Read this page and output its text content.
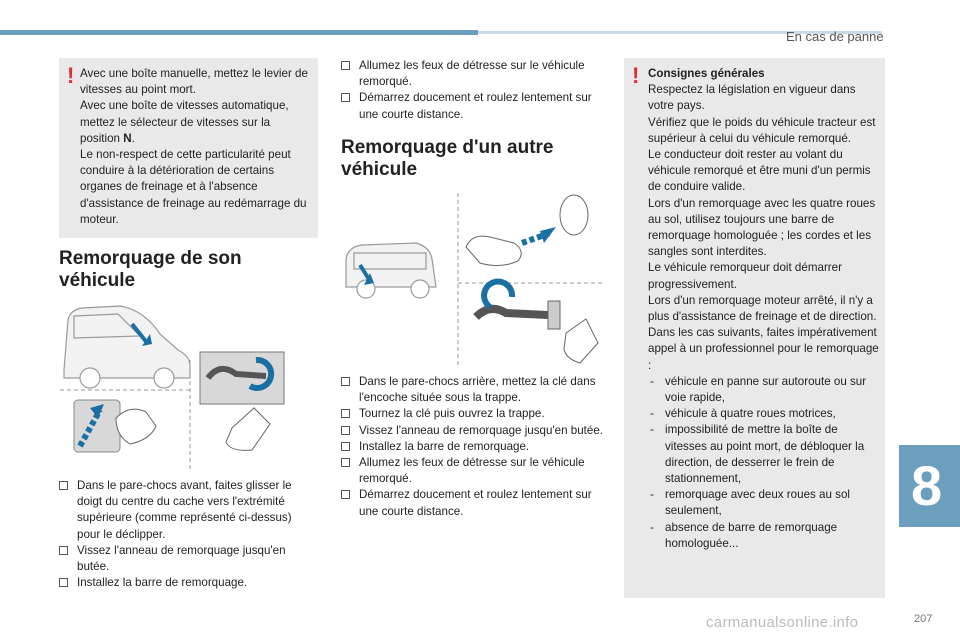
En cas de panne
! Avec une boîte manuelle, mettez le levier de vitesses au point mort.

Avec une boîte de vitesses automatique, mettez le sélecteur de vitesses sur la position N.

Le non-respect de cette particularité peut conduire à la détérioration de certains organes de freinage et à l'absence d'assistance de freinage au redémarrage du moteur.

Remorquage de son véhicule
Dans le pare-chocs avant, faites glisser le doigt du centre du cache vers l'extrémité supérieure (comme représenté ci-dessus) pour le déclipper.
Vissez l'anneau de remorquage jusqu'en butée.
Installez la barre de remorquage.
Allumez les feux de détresse sur le véhicule remorqué.
Démarrez doucement et roulez lentement sur une courte distance.
Remorquage d'un autre véhicule
Dans le pare-chocs arrière, mettez la clé dans l'encoche située sous la trappe.
Tournez la clé puis ouvrez la trappe.
Vissez l'anneau de remorquage jusqu'en butée.
Installez la barre de remorquage.
Allumez les feux de détresse sur le véhicule remorqué.
Démarrez doucement et roulez lentement sur une courte distance.
! Consignes générales

Respectez la législation en vigueur dans votre pays.

Vérifiez que le poids du véhicule tracteur est supérieur à celui du véhicule remorqué.

Le conducteur doit rester au volant du véhicule remorqué et être muni d'un permis de conduire valide.

Lors d'un remorquage avec les quatre roues au sol, utilisez toujours une barre de remorquage homologuée ; les cordes et les sangles sont interdites.

Le véhicule remorqueur doit démarrer progressivement.

Lors d'un remorquage moteur arrêté, il n'y a plus d'assistance de freinage et de direction.

Dans les cas suivants, faites impérativement appel à un professionnel pour le remorquage :

- véhicule en panne sur autoroute ou sur voie rapide,
- véhicule à quatre roues motrices,
- impossibilité de mettre la boîte de vitesses au point mort, de débloquer la direction, de desserrer le frein de stationnement,
- remorquage avec deux roues au sol seulement,
- absence de barre de remorquage homologuée...
8
carmanualsonline.info	207
